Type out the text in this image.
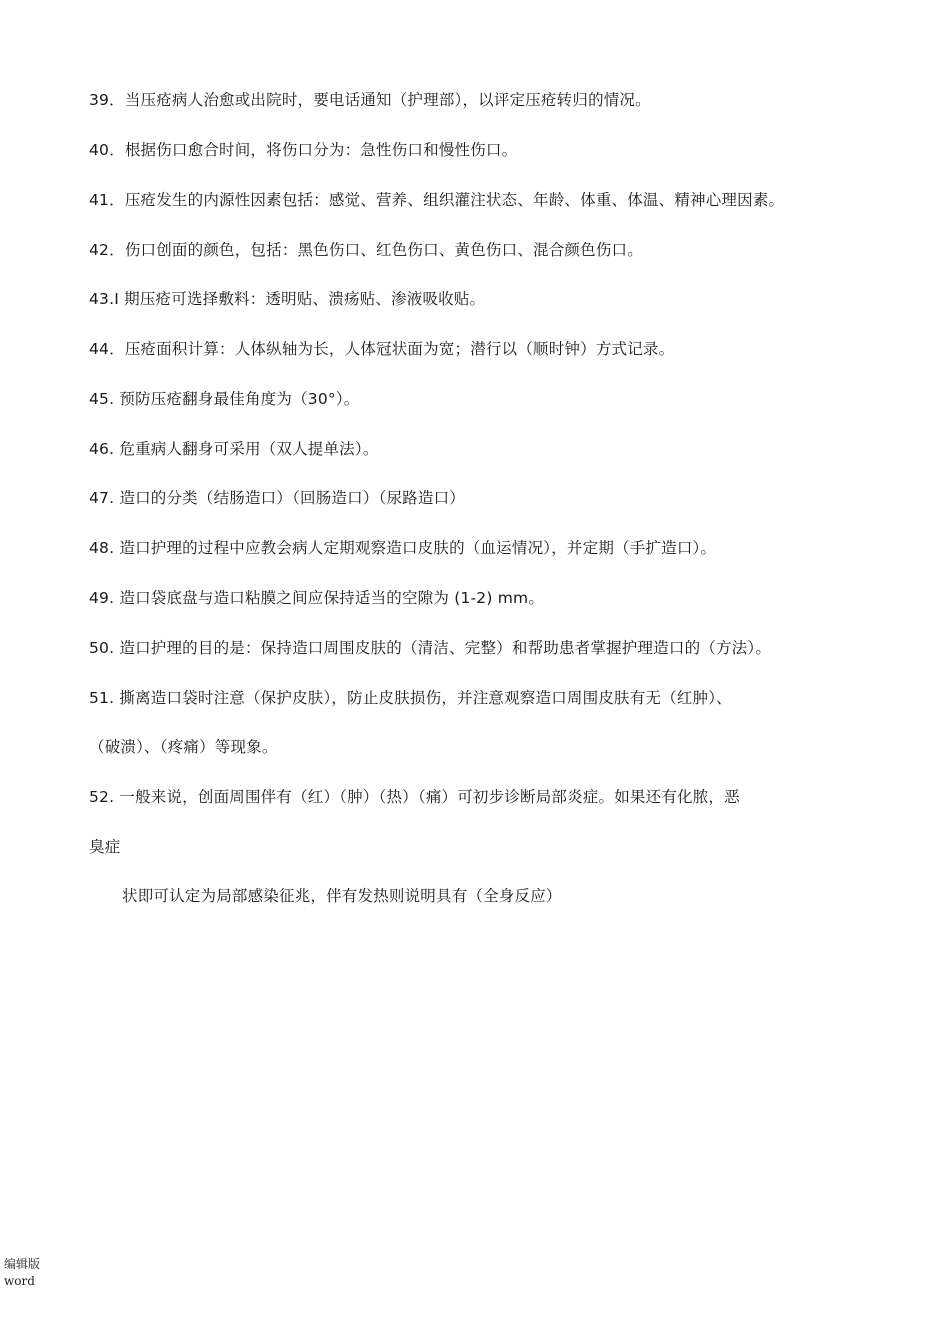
39．当压疮病人治愈或出院时，要电话通知（护理部），以评定压疮转归的情况。
40．根据伤口愈合时间，将伤口分为：急性伤口和慢性伤口。
41．压疮发生的内源性因素包括：感觉、营养、组织灌注状态、年龄、体重、体温、精神心理因素。
42．伤口创面的颜色，包括：黑色伤口、红色伤口、黄色伤口、混合颜色伤口。
43.I 期压疮可选择敷料：透明贴、溃疡贴、渗液吸收贴。
44．压疮面积计算：人体纵轴为长，人体冠状面为宽；潜行以（顺时钟）方式记录。
45. 预防压疮翻身最佳角度为（30°）。
46. 危重病人翻身可采用（双人提单法）。
47. 造口的分类（结肠造口）（回肠造口）（尿路造口）
48. 造口护理的过程中应教会病人定期观察造口皮肤的（血运情况），并定期（手扩造口）。
49. 造口袋底盘与造口粘膜之间应保持适当的空隙为 (1-2) mm。
50. 造口护理的目的是：保持造口周围皮肤的（清洁、完整）和帮助患者掌握护理造口的（方法）。
51. 撕离造口袋时注意（保护皮肤），防止皮肤损伤，并注意观察造口周围皮肤有无（红肿）、
（破溃）、（疼痛）等现象。
52. 一般来说，创面周围伴有（红）（肿）（热）（痛）可初步诊断局部炎症。如果还有化脓，恶
臭症
状即可认定为局部感染征兆，伴有发热则说明具有（全身反应）
编辑版
word
